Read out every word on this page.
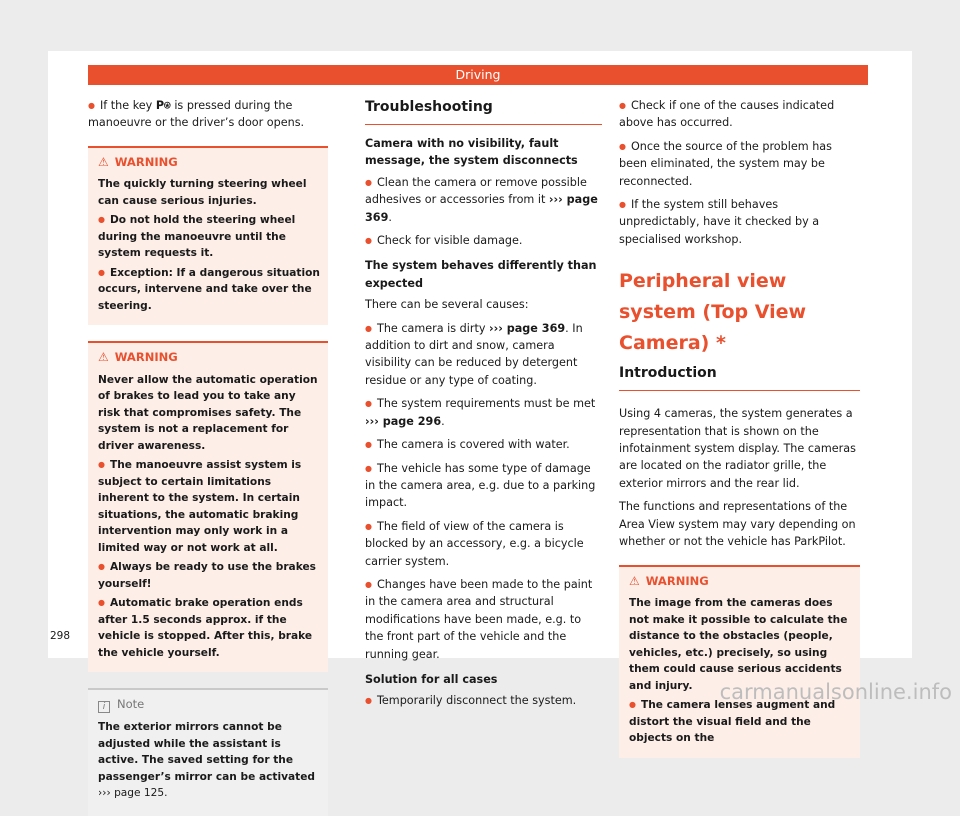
Driving

● If the key P⍟ is pressed during the manoeuvre or the driver’s door opens.

⚠ WARNING

The quickly turning steering wheel can cause serious injuries.

● Do not hold the steering wheel during the manoeuvre until the system requests it.

● Exception: If a dangerous situation occurs, intervene and take over the steering.

⚠ WARNING

Never allow the automatic operation of brakes to lead you to take any risk that compromises safety. The system is not a replacement for driver awareness.

● The manoeuvre assist system is subject to certain limitations inherent to the system. In certain situations, the automatic braking intervention may only work in a limited way or not work at all.

● Always be ready to use the brakes yourself!

● Automatic brake operation ends after 1.5 seconds approx. if the vehicle is stopped. After this, brake the vehicle yourself.

i Note

The exterior mirrors cannot be adjusted while the assistant is active. The saved setting for the passenger’s mirror can be activated ››› page 125.

Troubleshooting
Camera with no visibility, fault message, the system disconnects

● Clean the camera or remove possible adhesives or accessories from it ››› page 369.

● Check for visible damage.

The system behaves differently than expected

There can be several causes:

● The camera is dirty ››› page 369. In addition to dirt and snow, camera visibility can be reduced by detergent residue or any type of coating.

● The system requirements must be met ››› page 296.

● The camera is covered with water.

● The vehicle has some type of damage in the camera area, e.g. due to a parking impact.

● The field of view of the camera is blocked by an accessory, e.g. a bicycle carrier system.

● Changes have been made to the paint in the camera area and structural modifications have been made, e.g. to the front part of the vehicle and the running gear.

Solution for all cases

● Temporarily disconnect the system.

● Check if one of the causes indicated above has occurred.

● Once the source of the problem has been eliminated, the system may be reconnected.

● If the system still behaves unpredictably, have it checked by a specialised workshop.

Peripheral view system (Top View Camera) *
Introduction

Using 4 cameras, the system generates a representation that is shown on the infotainment system display. The cameras are located on the radiator grille, the exterior mirrors and the rear lid.

The functions and representations of the Area View system may vary depending on whether or not the vehicle has ParkPilot.

⚠ WARNING

The image from the cameras does not make it possible to calculate the distance to the obstacles (people, vehicles, etc.) precisely, so using them could cause serious accidents and injury.

● The camera lenses augment and distort the visual field and the objects on the

298
carmanualsonline.info
